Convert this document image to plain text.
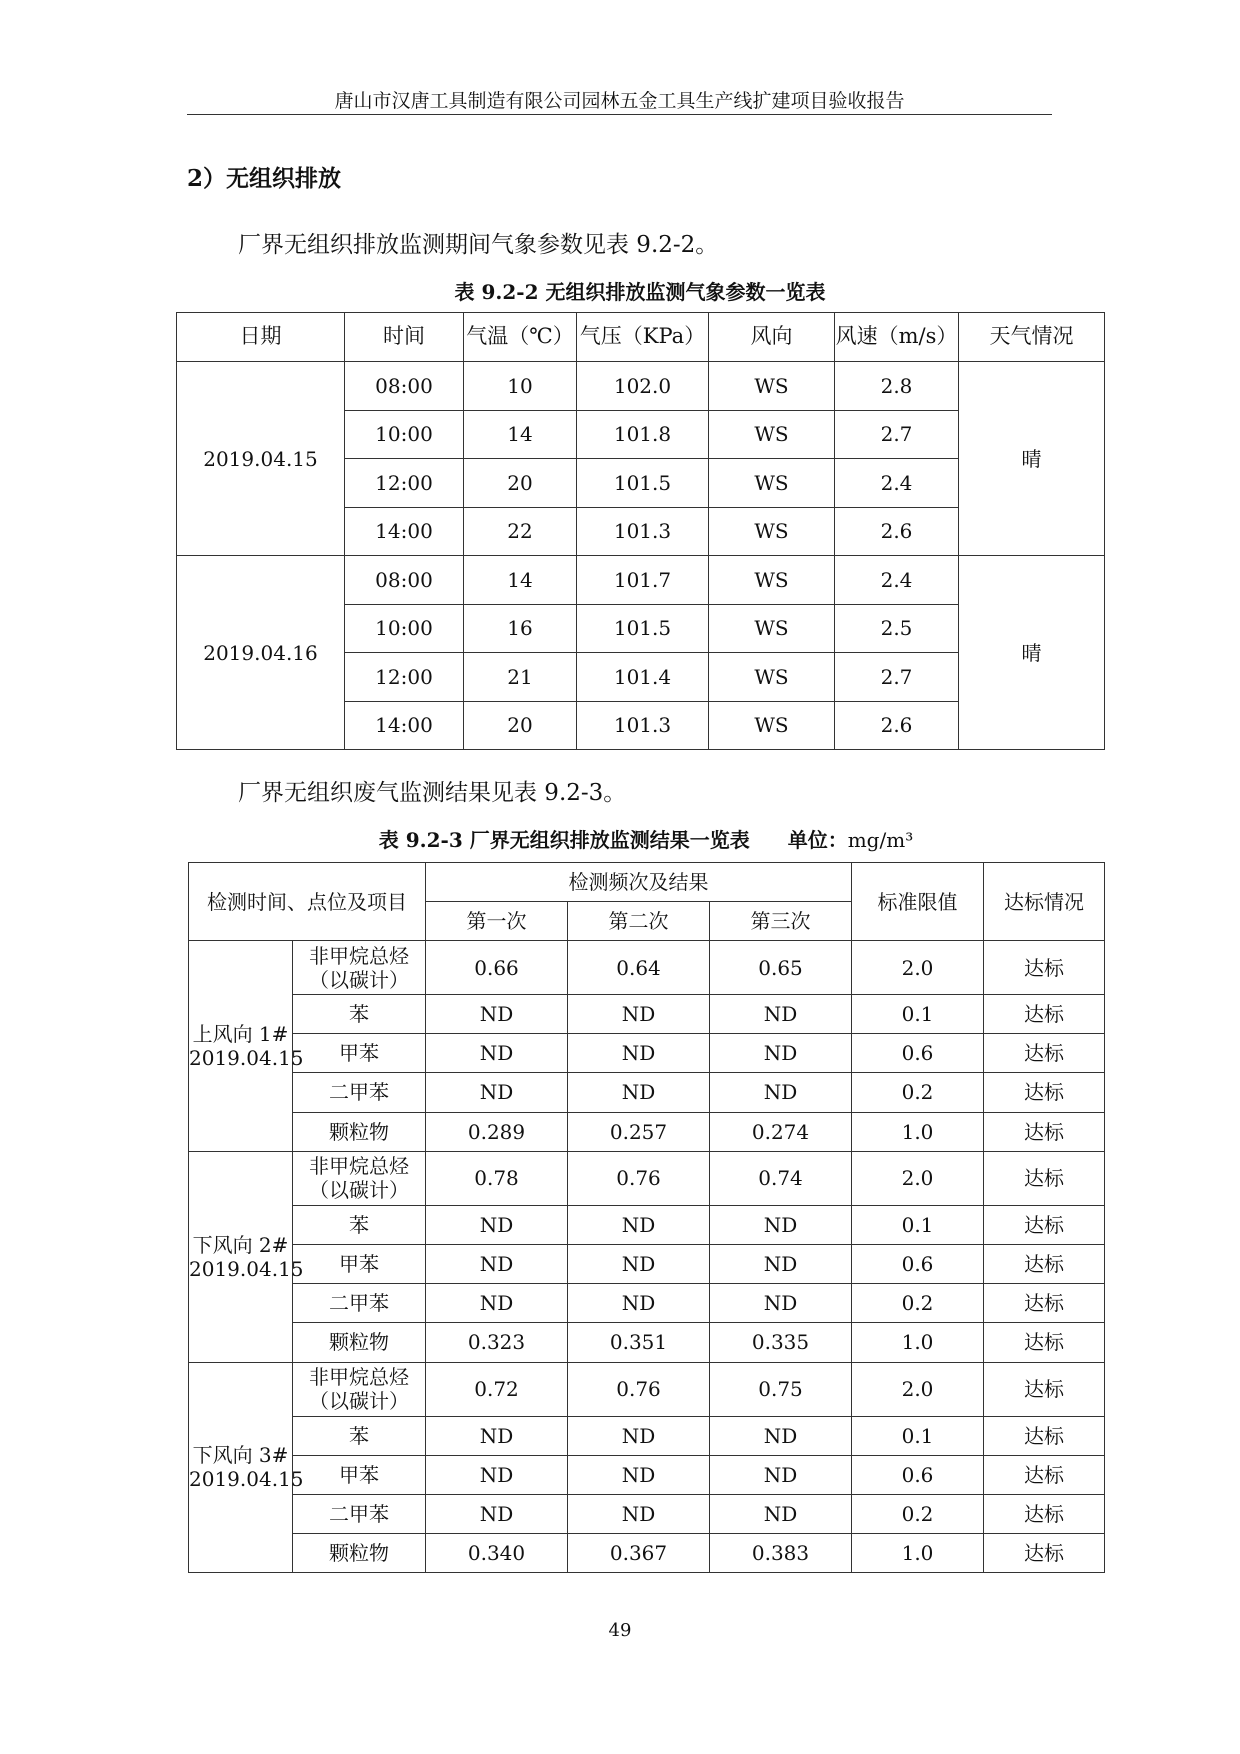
唐山市汉唐工具制造有限公司园林五金工具生产线扩建项目验收报告
2）无组织排放
厂界无组织排放监测期间气象参数见表 9.2-2。
表 9.2-2 无组织排放监测气象参数一览表
日期	时间	气温（℃）	气压（KPa）	风向	风速（m/s）	天气情况
2019.04.15	08:00	10	102.0	WS	2.8	晴
	10:00	14	101.8	WS	2.7	
	12:00	20	101.5	WS	2.4	
	14:00	22	101.3	WS	2.6	
2019.04.16	08:00	14	101.7	WS	2.4	晴
	10:00	16	101.5	WS	2.5	
	12:00	21	101.4	WS	2.7	
	14:00	20	101.3	WS	2.6	
厂界无组织废气监测结果见表 9.2-3。
表 9.2-3 厂界无组织排放监测结果一览表 单位：mg/m³
检测时间、点位及项目		检测频次及结果			标准限值	达标情况
		第一次	第二次	第三次		

上风向 1#
2019.04.15	非甲烷总烃（以碳计）	0.66	0.64	0.65	2.0	达标
	苯	ND	ND	ND	0.1	达标
	甲苯	ND	ND	ND	0.6	达标
	二甲苯	ND	ND	ND	0.2	达标
	颗粒物	0.289	0.257	0.274	1.0	达标

下风向 2#
2019.04.15	非甲烷总烃（以碳计）	0.78	0.76	0.74	2.0	达标
	苯	ND	ND	ND	0.1	达标
	甲苯	ND	ND	ND	0.6	达标
	二甲苯	ND	ND	ND	0.2	达标
	颗粒物	0.323	0.351	0.335	1.0	达标

下风向 3#
2019.04.15	非甲烷总烃（以碳计）	0.72	0.76	0.75	2.0	达标
	苯	ND	ND	ND	0.1	达标
	甲苯	ND	ND	ND	0.6	达标
	二甲苯	ND	ND	ND	0.2	达标
	颗粒物	0.340	0.367	0.383	1.0	达标
49
